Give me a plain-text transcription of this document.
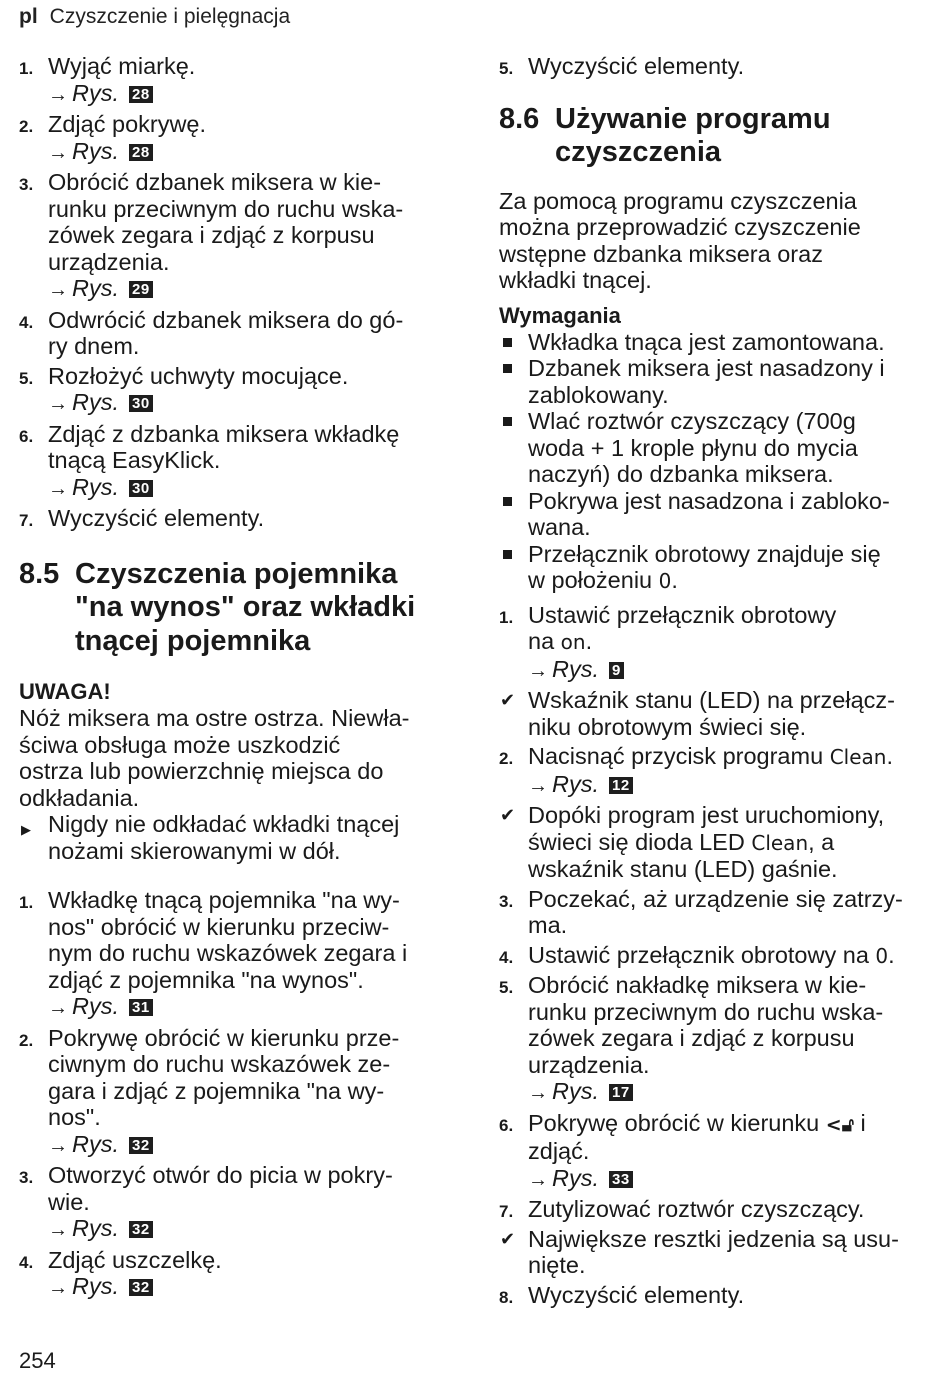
pl Czyszczenie i pielęgnacja
1. Wyjąć miarkę.
→ Rys. 28
2. Zdjąć pokrywę.
→ Rys. 28
3. Obrócić dzbanek miksera w kie-
runku przeciwnym do ruchu wska-
zówek zegara i zdjąć z korpusu
urządzenia.
→ Rys. 29
4. Odwrócić dzbanek miksera do gó-
ry dnem.
5. Rozłożyć uchwyty mocujące.
→ Rys. 30
6. Zdjąć z dzbanka miksera wkładkę
tnącą EasyKlick.
→ Rys. 30
7. Wyczyścić elementy.
8.5 Czyszczenia pojemnika
"na wynos" oraz wkładki
tnącej pojemnika
UWAGA!
Nóż miksera ma ostre ostrza. Niewła-
ściwa obsługa może uszkodzić
ostrza lub powierzchnię miejsca do
odkładania.
▶ Nigdy nie odkładać wkładki tnącej
nożami skierowanymi w dół.
1. Wkładkę tnącą pojemnika "na wy-
nos" obrócić w kierunku przeciw-
nym do ruchu wskazówek zegara i
zdjąć z pojemnika "na wynos".
→ Rys. 31
2. Pokrywę obrócić w kierunku prze-
ciwnym do ruchu wskazówek ze-
gara i zdjąć z pojemnika "na wy-
nos".
→ Rys. 32
3. Otworzyć otwór do picia w pokry-
wie.
→ Rys. 32
4. Zdjąć uszczelkę.
→ Rys. 32
5. Wyczyścić elementy.
8.6 Używanie programu
czyszczenia
Za pomocą programu czyszczenia
można przeprowadzić czyszczenie
wstępne dzbanka miksera oraz
wkładki tnącej.
Wymagania
Wkładka tnąca jest zamontowana.
Dzbanek miksera jest nasadzony i
zablokowany.
Wlać roztwór czyszczący (700g
woda + 1 krople płynu do mycia
naczyń) do dzbanka miksera.
Pokrywa jest nasadzona i zabloko-
wana.
Przełącznik obrotowy znajduje się
w położeniu 0.
1. Ustawić przełącznik obrotowy
na on.
→ Rys. 9
✔ Wskaźnik stanu (LED) na przełącz-
niku obrotowym świeci się.
2. Nacisnąć przycisk programu Clean.
→ Rys. 12
✔ Dopóki program jest uruchomiony,
świeci się dioda LED Clean, a
wskaźnik stanu (LED) gaśnie.
3. Poczekać, aż urządzenie się zatrzy-
ma.
4. Ustawić przełącznik obrotowy na 0.
5. Obrócić nakładkę miksera w kie-
runku przeciwnym do ruchu wska-
zówek zegara i zdjąć z korpusu
urządzenia.
→ Rys. 17
6. Pokrywę obrócić w kierunku <🔓︎ i
zdjąć.
→ Rys. 33
7. Zutylizować roztwór czyszczący.
✔ Największe resztki jedzenia są usu-
nięte.
8. Wyczyścić elementy.
254
